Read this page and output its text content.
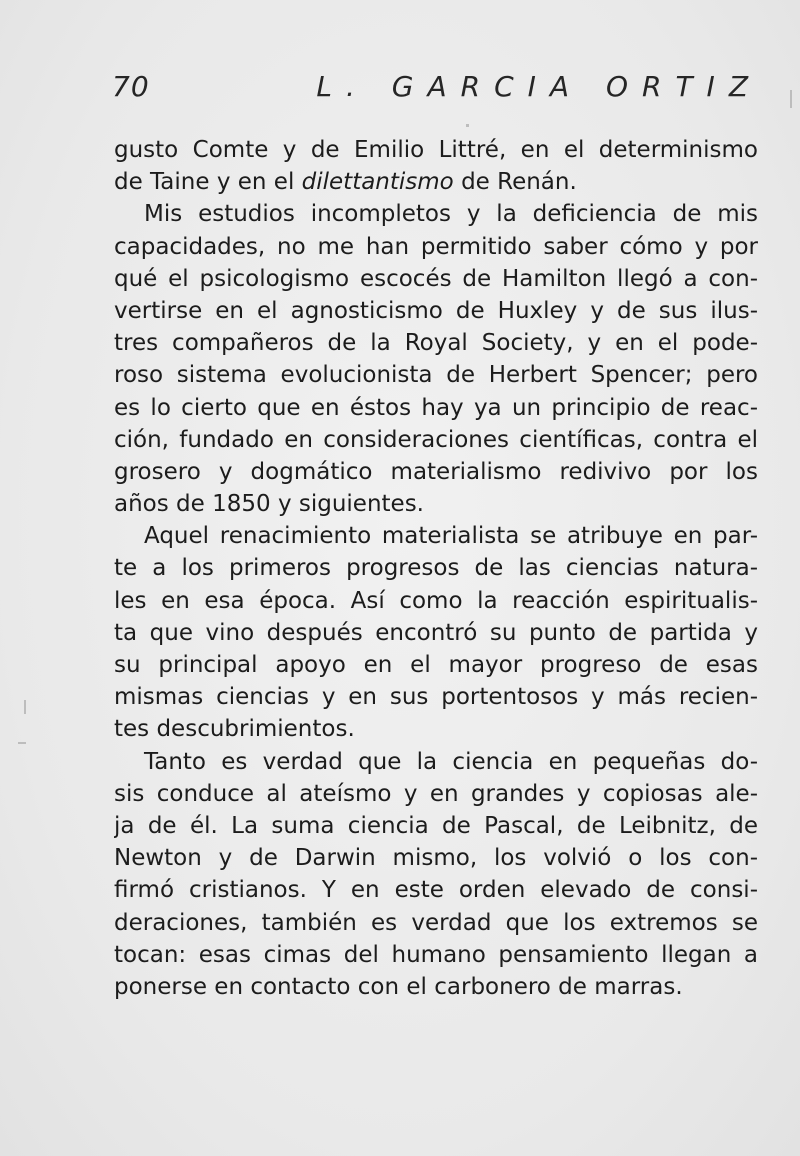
70	L. GARCIA ORTIZ
gusto Comte y de Emilio Littré, en el determinismo
de Taine y en el dilettantismo de Renán.
Mis estudios incompletos y la deficiencia de mis
capacidades, no me han permitido saber cómo y por
qué el psicologismo escocés de Hamilton llegó a con-
vertirse en el agnosticismo de Huxley y de sus ilus-
tres compañeros de la Royal Society, y en el pode-
roso sistema evolucionista de Herbert Spencer; pero
es lo cierto que en éstos hay ya un principio de reac-
ción, fundado en consideraciones científicas, contra el
grosero y dogmático materialismo redivivo por los
años de 1850 y siguientes.
Aquel renacimiento materialista se atribuye en par-
te a los primeros progresos de las ciencias natura-
les en esa época. Así como la reacción espiritualis-
ta que vino después encontró su punto de partida y
su principal apoyo en el mayor progreso de esas
mismas ciencias y en sus portentosos y más recien-
tes descubrimientos.
Tanto es verdad que la ciencia en pequeñas do-
sis conduce al ateísmo y en grandes y copiosas ale-
ja de él. La suma ciencia de Pascal, de Leibnitz, de
Newton y de Darwin mismo, los volvió o los con-
firmó cristianos. Y en este orden elevado de consi-
deraciones, también es verdad que los extremos se
tocan: esas cimas del humano pensamiento llegan a
ponerse en contacto con el carbonero de marras.
